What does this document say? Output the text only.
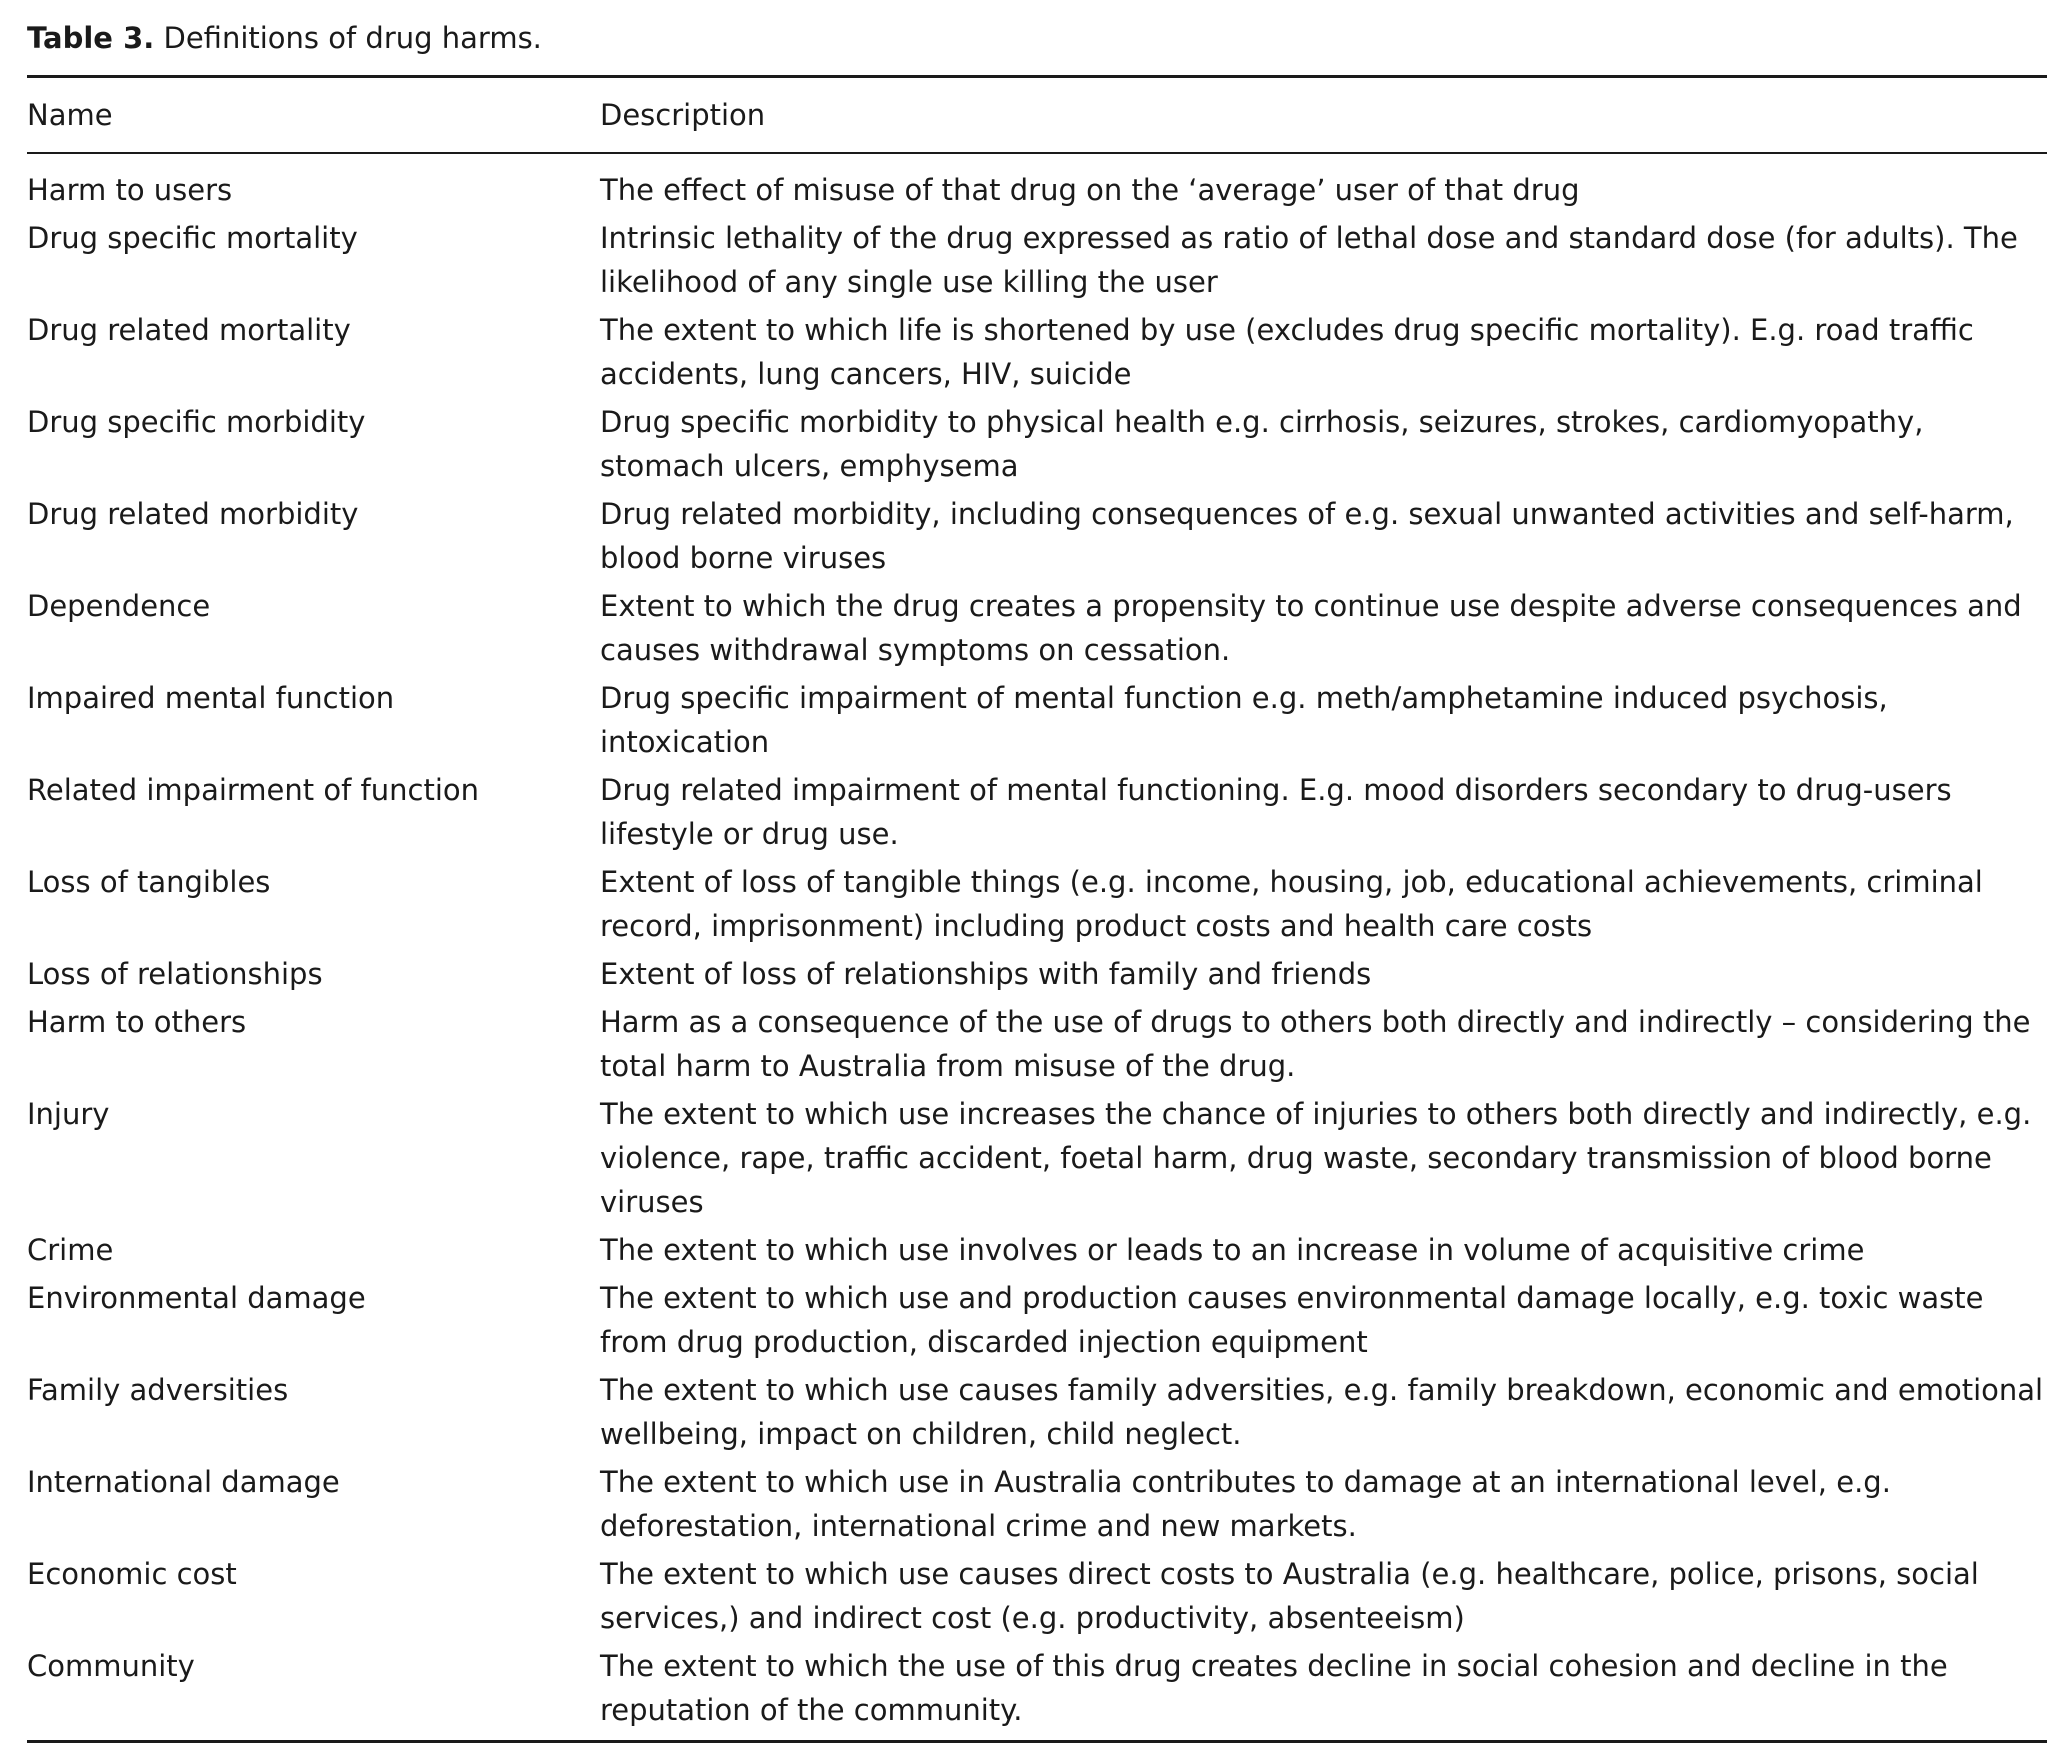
Table 3. Definitions of drug harms.
Name	Description
Harm to users	The effect of misuse of that drug on the ‘average’ user of that drug
Drug specific mortality	Intrinsic lethality of the drug expressed as ratio of lethal dose and standard dose (for adults). The likelihood of any single use killing the user
Drug related mortality	The extent to which life is shortened by use (excludes drug specific mortality). E.g. road traffic accidents, lung cancers, HIV, suicide
Drug specific morbidity	Drug specific morbidity to physical health e.g. cirrhosis, seizures, strokes, cardiomyopathy, stomach ulcers, emphysema
Drug related morbidity	Drug related morbidity, including consequences of e.g. sexual unwanted activities and self-harm, blood borne viruses
Dependence	Extent to which the drug creates a propensity to continue use despite adverse consequences and causes withdrawal symptoms on cessation.
Impaired mental function	Drug specific impairment of mental function e.g. meth/amphetamine induced psychosis, intoxication
Related impairment of function	Drug related impairment of mental functioning. E.g. mood disorders secondary to drug-users lifestyle or drug use.
Loss of tangibles	Extent of loss of tangible things (e.g. income, housing, job, educational achievements, criminal record, imprisonment) including product costs and health care costs
Loss of relationships	Extent of loss of relationships with family and friends
Harm to others	Harm as a consequence of the use of drugs to others both directly and indirectly – considering the total harm to Australia from misuse of the drug.
Injury	The extent to which use increases the chance of injuries to others both directly and indirectly, e.g. violence, rape, traffic accident, foetal harm, drug waste, secondary transmission of blood borne viruses
Crime	The extent to which use involves or leads to an increase in volume of acquisitive crime
Environmental damage	The extent to which use and production causes environmental damage locally, e.g. toxic waste from drug production, discarded injection equipment
Family adversities	The extent to which use causes family adversities, e.g. family breakdown, economic and emotional wellbeing, impact on children, child neglect.
International damage	The extent to which use in Australia contributes to damage at an international level, e.g. deforestation, international crime and new markets.
Economic cost	The extent to which use causes direct costs to Australia (e.g. healthcare, police, prisons, social services,) and indirect cost (e.g. productivity, absenteeism)
Community	The extent to which the use of this drug creates decline in social cohesion and decline in the reputation of the community.
